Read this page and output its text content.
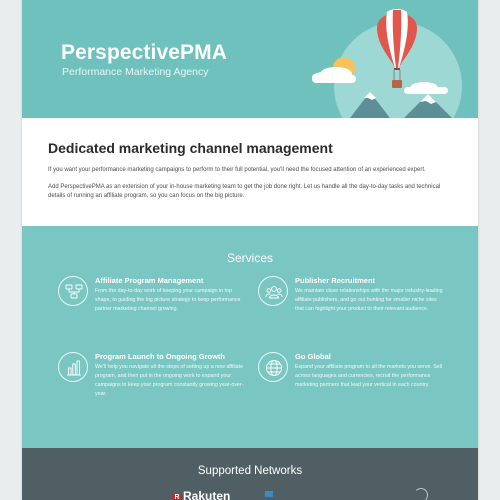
PerspectivePMA
Performance Marketing Agency
Dedicated marketing channel management

If you want your performance marketing campaigns to perform to their full potential, you'll need the focused attention of an experienced expert.

Add PerspectivePMA as an extension of your in-house marketing team to get the job done right. Let us handle all the day-to-day tasks and technical details of running an affiliate program, so you can focus on the big picture.

Services
Affiliate Program Management
From the day-to-day work of keeping your campaign in top shape, to guiding the big picture strategy to keep performance partner marketing channel growing.
Publisher Recruitment
We maintain close relationships with the major industry-leading affiliate publishers, and go out hunting for smaller niche sites that can highlight your product to their relevant audience.
Program Launch to Ongoing Growth
We'll help you navigate all the steps of setting up a new affiliate program, and then put in the ongoing work to expand your campaigns to keep your program constantly growing year-over-year.
Go Global
Expand your affiliate program to all the markets you serve. Sell across languages and currencies, recruit the performance marketing partners that lead your vertical in each country.
Supported Networks
R Rakuten
